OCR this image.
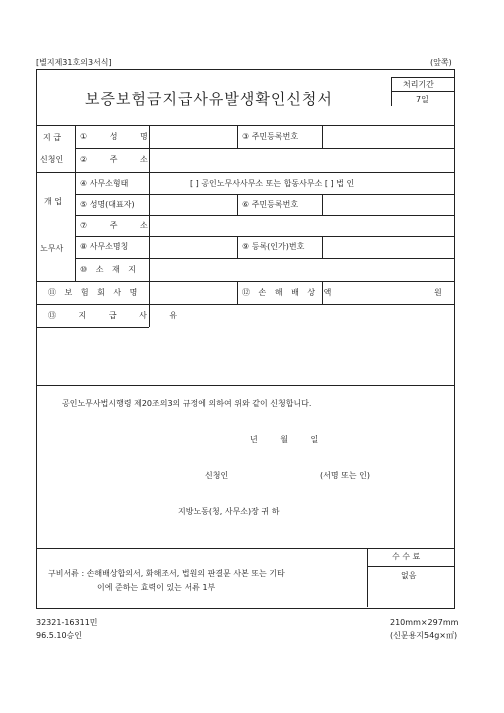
[별지제31호의3서식]	(앞쪽)
보증보험금지급사유발생확인신청서
처리기간
7일
지 급
신청인
① 성 명	③ 주민등록번호
② 주 소
개 업
노무사
④ 사무소형태	[ ] 공인노무사사무소 또는 합동사무소 [ ] 법 인
⑤ 성명(대표자)	⑥ 주민등록번호
⑦ 주 소
⑧ 사무소명칭	⑨ 등록(인가)번호
⑩ 소 재 지
⑪ 보 험 회 사 명	⑫ 손 해 배 상 액	원
⑬ 지 급 사 유
공인노무사법시행령 제20조의3의 규정에 의하여 위와 같이 신청합니다.
년 월 일
신청인	(서명 또는 인)
지방노동(청, 사무소)장 귀 하
구비서류 : 손해배상합의서, 화해조서, 법원의 판결문 사본 또는 기타
이에 준하는 효력이 있는 서류 1부
수 수 료
없음
32321-16311민
96.5.10승인
210mm×297mm
(신문용지54g×㎡)
